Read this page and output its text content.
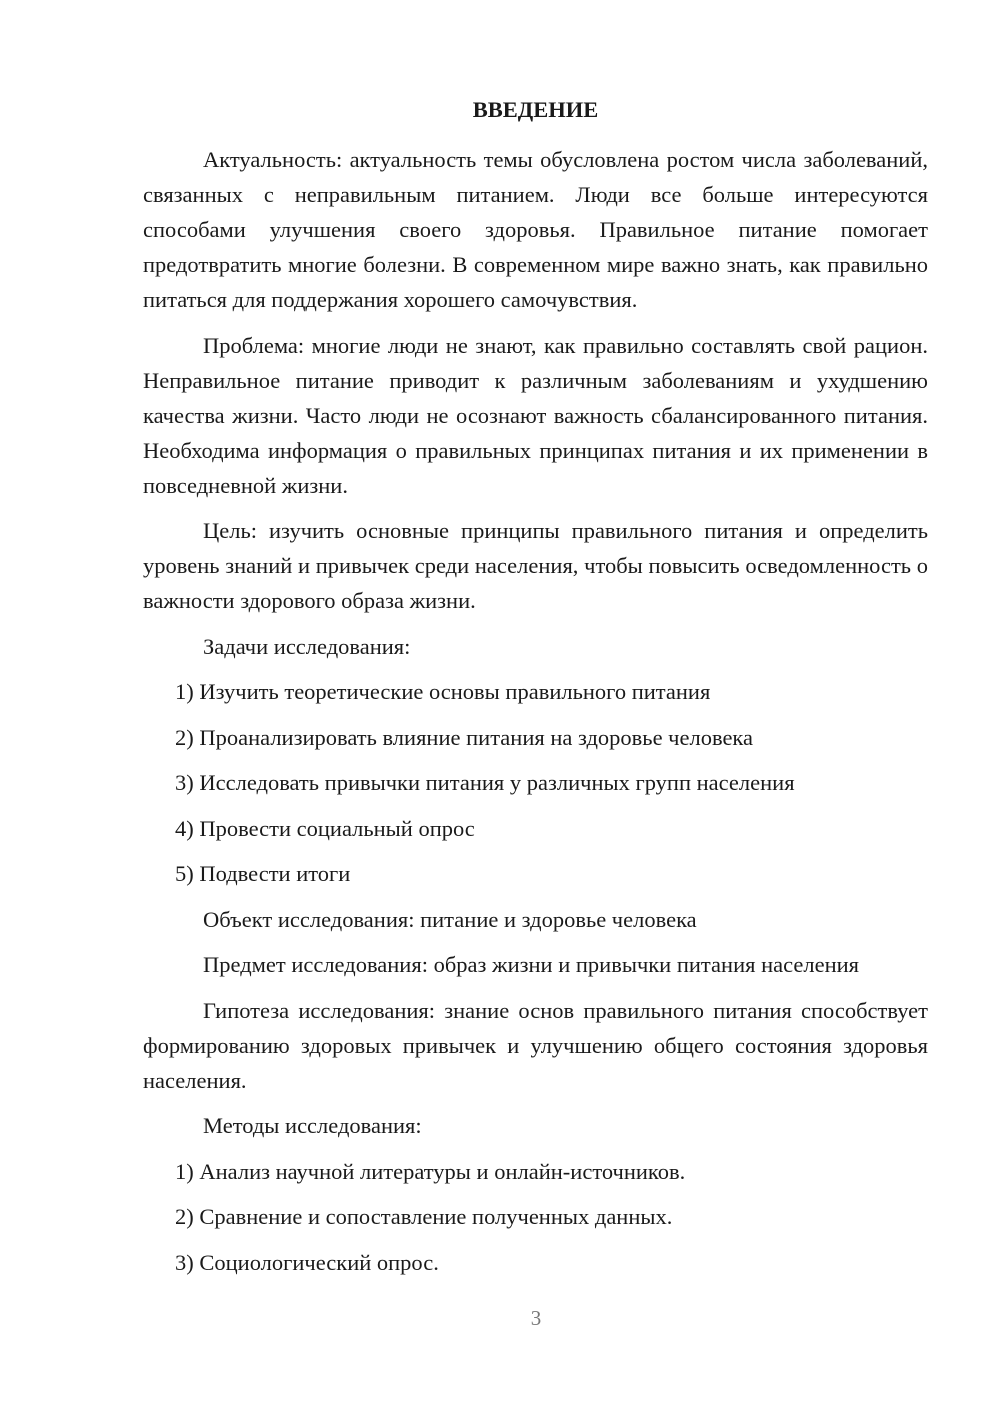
ВВЕДЕНИЕ

Актуальность: актуальность темы обусловлена ростом числа заболеваний, связанных с неправильным питанием. Люди все больше интересуются способами улучшения своего здоровья. Правильное питание помогает предотвратить многие болезни. В современном мире важно знать, как правильно питаться для поддержания хорошего самочувствия.

Проблема: многие люди не знают, как правильно составлять свой рацион. Неправильное питание приводит к различным заболеваниям и ухудшению качества жизни. Часто люди не осознают важность сбалансированного питания. Необходима информация о правильных принципах питания и их применении в повседневной жизни.

Цель: изучить основные принципы правильного питания и определить уровень знаний и привычек среди населения, чтобы повысить осведомленность о важности здорового образа жизни.

Задачи исследования:

1) Изучить теоретические основы правильного питания
2) Проанализировать влияние питания на здоровье человека
3) Исследовать привычки питания у различных групп населения
4) Провести социальный опрос
5) Подвести итоги

Объект исследования: питание и здоровье человека

Предмет исследования: образ жизни и привычки питания населения

Гипотеза исследования: знание основ правильного питания способствует формированию здоровых привычек и улучшению общего состояния здоровья населения.

Методы исследования:

1) Анализ научной литературы и онлайн-источников.
2) Сравнение и сопоставление полученных данных.
3) Социологический опрос.
3
